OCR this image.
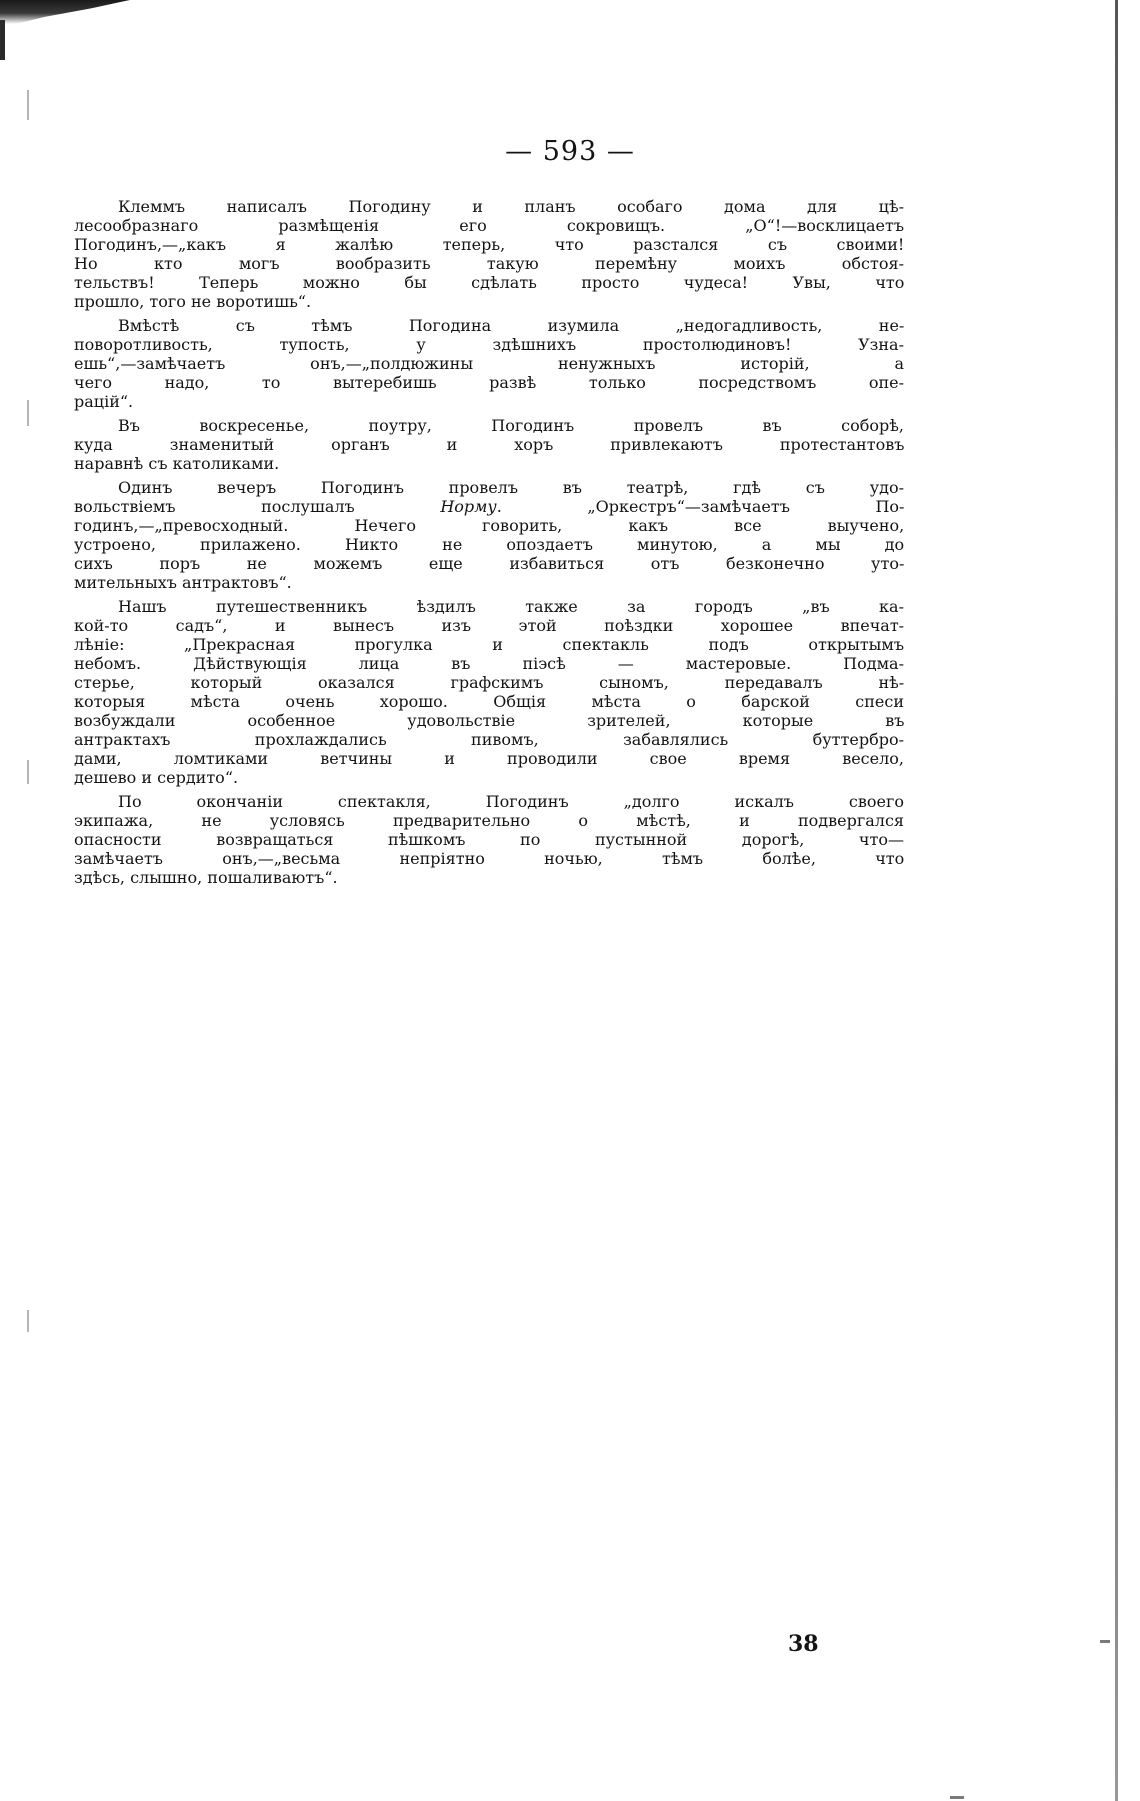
— 593 —
Клеммъ написалъ Погодину и планъ особаго дома для цѣ-
лесообразнаго размѣщенія его сокровищъ. „О“!—восклицаетъ
Погодинъ,—„какъ я жалѣю теперь, что разстался съ своими!
Но кто могъ вообразить такую перемѣну моихъ обстоя-
тельствъ! Теперь можно бы сдѣлать просто чудеса! Увы, что
прошло, того не воротишь“.
Вмѣстѣ съ тѣмъ Погодина изумила „недогадливость, не-
поворотливость, тупость, у здѣшнихъ простолюдиновъ! Узна-
ешь“,—замѣчаетъ онъ,—„полдюжины ненужныхъ исторій, а
чего надо, то вытеребишь развѣ только посредствомъ опе-
рацій“.
Въ воскресенье, поутру, Погодинъ провелъ въ соборѣ,
куда знаменитый органъ и хоръ привлекаютъ протестантовъ
наравнѣ съ католиками.
Одинъ вечеръ Погодинъ провелъ въ театрѣ, гдѣ съ удо-
вольствіемъ послушалъ Норму. „Оркестръ“—замѣчаетъ По-
годинъ,—„превосходный. Нечего говорить, какъ все выучено,
устроено, прилажено. Никто не опоздаетъ минутою, а мы до
сихъ поръ не можемъ еще избавиться отъ безконечно уто-
мительныхъ антрактовъ“.
Нашъ путешественникъ ѣздилъ также за городъ „въ ка-
кой-то садъ“, и вынесъ изъ этой поѣздки хорошее впечат-
лѣніе: „Прекрасная прогулка и спектакль подъ открытымъ
небомъ. Дѣйствующія лица въ піэсѣ — мастеровые. Подма-
стерье, который оказался графскимъ сыномъ, передавалъ нѣ-
которыя мѣста очень хорошо. Общія мѣста о барской спеси
возбуждали особенное удовольствіе зрителей, которые въ
антрактахъ прохлаждались пивомъ, забавлялись буттербро-
дами, ломтиками ветчины и проводили свое время весело,
дешево и сердито“.
По окончаніи спектакля, Погодинъ „долго искалъ своего
экипажа, не условясь предварительно о мѣстѣ, и подвергался
опасности возвращаться пѣшкомъ по пустынной дорогѣ, что—
замѣчаетъ онъ,—„весьма непріятно ночью, тѣмъ болѣе, что
здѣсь, слышно, пошаливаютъ“.
38
